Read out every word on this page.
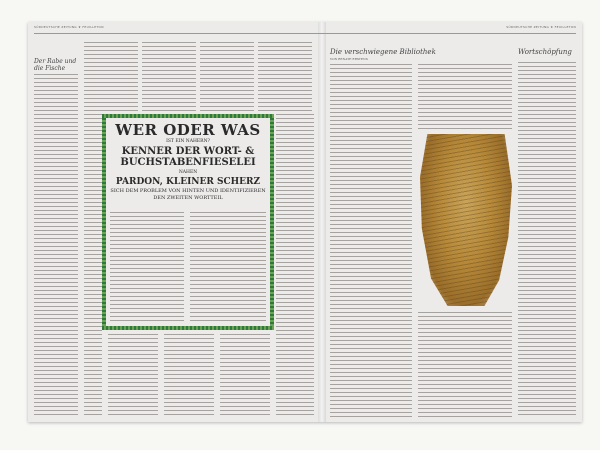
SÜDDEUTSCHE ZEITUNG ★ FEUILLETON	SÜDDEUTSCHE ZEITUNG ★ FEUILLETON
Der Rabe und die Fische
WER ODER WAS
IST EIN NAHERN?
KENNER DER WORT- & BUCHSTABENFIESELEI
NAHEN
PARDON, KLEINER SCHERZ
SICH DEM PROBLEM VON HINTEN UND IDENTIFIZIEREN DEN ZWEITEN WORTTEIL
Die verschwiegene Bibliothek
VON RENATE ERSTENS
Wortschöpfung
